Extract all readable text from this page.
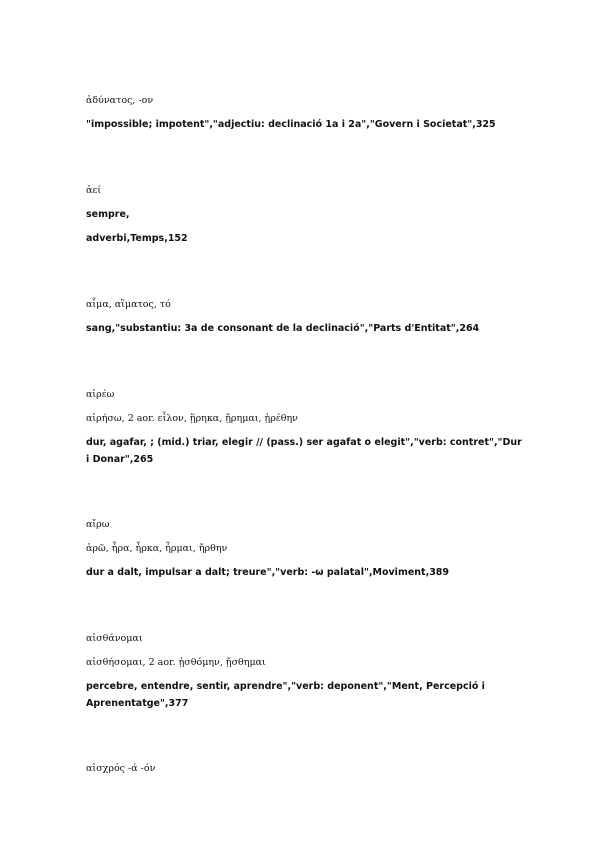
ἀδύνατος, -ον
"impossible; impotent","adjectiu: declinació 1a i 2a","Govern i Societat",325
ἀεί
sempre,
adverbi,Temps,152
αἷμα, αἵματος, τό
sang,"substantiu: 3a de consonant de la declinació","Parts d'Entitat",264
αἱρέω
αἱρήσω, 2 aor. εἷλον, ᾕρηκα, ᾕρημαι, ᾑρέθην
dur, agafar, ; (mid.) triar, elegir // (pass.) ser agafat o elegit","verb: contret","Dur i Donar",265
αἴρω
ἀρῶ, ἦρα, ἦρκα, ἦρμαι, ἤρθην
dur a dalt, impulsar a dalt; treure","verb: -ω palatal",Moviment,389
αἰσθάνομαι
αἰσθήσομαι, 2 aor. ᾐσθόμην, ᾔσθημαι
percebre, entendre, sentir, aprendre","verb: deponent","Ment, Percepció i Aprenentatge",377
αἰσχρός -ά -όν
